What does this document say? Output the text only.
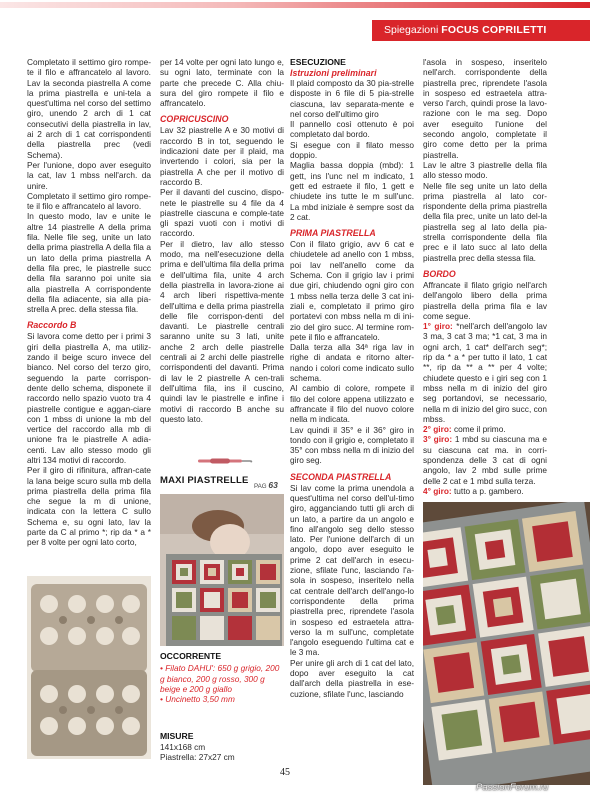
Spiegazioni FOCUS COPRILETTI

Completato il settimo giro rompe-te il filo e affrancatelo al lavoro. Lav la seconda piastrella A come la prima piastrella e uni-tela a quest'ultima nel corso del settimo giro, unendo 2 arch di 1 cat consecutivi della piastrella in lav, ai 2 arch di 1 cat corrispondenti della piastrella prec (vedi Schema).

Per l'unione, dopo aver eseguito la cat, lav 1 mbss nell'arch. da unire.

Completato il settimo giro rompe-te il filo e affrancatelo al lavoro.

In questo modo, lav e unite le altre 14 piastrelle A della prima fila. Nelle file seg, unite un lato della prima piastrella A della fila a un lato della prima piastrella A della fila prec, le piastrelle succ della fila saranno poi unite sia alla piastrella A corrispondente della fila adiacente, sia alla pia-strella A prec. della stessa fila.

Raccordo B

Si lavora come detto per i primi 3 giri della piastrella A, ma utiliz-zando il beige scuro invece del bianco. Nel corso del terzo giro, seguendo la parte corrispon-dente dello schema, disponete il raccordo nello spazio vuoto tra 4 piastrelle contigue e aggan-ciare con 1 mbss di unione la mb del vertice del raccordo alla mb di unione fra le piastrelle A adia-centi. Lav allo stesso modo gli altri 134 motivi di raccordo.

Per il giro di rifinitura, affran-cate la lana beige scuro sulla mb della prima piastrella della prima fila che segue la m di unione, indicata con la lettera C sullo Schema e, su ogni lato, lav la parte da C al primo *; rip da * a * per 8 volte per ogni lato corto,

per 14 volte per ogni lato lungo e, su ogni lato, terminate con la parte che precede C. Alla chiu-sura del giro rompete il filo e affrancatelo.

COPRICUSCINO

Lav 32 piastrelle A e 30 motivi di raccordo B in tot, seguendo le indicazioni date per il plaid, ma invertendo i colori, sia per la piastrella A che per il motivo di raccordo B.

Per il davanti del cuscino, dispo-nete le piastrelle su 4 file da 4 piastrelle ciascuna e comple-tate gli spazi vuoti con i motivi di raccordo.

Per il dietro, lav allo stesso modo, ma nell'esecuzione della prima e dell'ultima fila della prima e dell'ultima fila, unite 4 arch della piastrella in lavora-zione ai 4 arch liberi rispettiva-mente dell'ultima e della prima piastrella delle file corrispon-denti del davanti. Le piastrelle centrali saranno unite su 3 lati, unite anche 2 arch delle piastrelle centrali ai 2 archi delle piastrelle corrispondenti del davanti. Prima di lav le 2 piastrelle A cen-trali dell'ultima fila, ins il cuscino, quindi lav le piastrelle e infine i motivi di raccordo B anche su questo lato.

MAXI PIASTRELLE
PAG 63
OCCORRENTE
• Filato DAHU': 650 g grigio, 200 g bianco, 200 g rosso, 300 g beige e 200 g giallo
• Uncinetto 3,50 mm
MISURE
141x168 cm
Piastrella: 27x27 cm
ESECUZIONE
Istruzioni preliminari

Il plaid composto da 30 pia-strelle disposte in 6 file di 5 pia-strelle ciascuna, lav separata-mente e nel corso dell'ultimo giro

Il pannello così ottenuto è poi completato dal bordo.

Si esegue con il filato messo doppio.

Maglia bassa doppia (mbd): 1 gett, ins l'unc nel m indicato, 1 gett ed estraete il filo, 1 gett e chiudete ins tutte le m sull'unc. La mbd iniziale è sempre sost da 2 cat.

PRIMA PIASTRELLA

Con il filato grigio, avv 6 cat e chiudetele ad anello con 1 mbss, poi lav nell'anello come da Schema. Con il grigio lav i primi due giri, chiudendo ogni giro con 1 mbss nella terza delle 3 cat ini-ziali e, completato il primo giro portatevi con mbss nella m di ini-zio del giro succ. Al termine rom-pete il filo e affrancatelo.

Dalla terza alla 34ª riga lav in righe di andata e ritorno alter-nando i colori come indicato sullo schema.

Al cambio di colore, rompete il filo del colore appena utilizzato e affrancate il filo del nuovo colore nella m indicata.

Lav quindi il 35° e il 36° giro in tondo con il grigio e, completato il 35° con mbss nella m di inizio del giro seg.

SECONDA PIASTRELLA

Si lav come la prima unendola a quest'ultima nel corso dell'ul-timo giro, agganciando tutti gli arch di un lato, a partire da un angolo e fino all'angolo seg dello stesso lato. Per l'unione dell'arch di un angolo, dopo aver eseguito le prime 2 cat dell'arch in esecu-zione, sfilate l'unc, lasciando l'a-sola in sospeso, inseritelo nella cat centrale dell'arch dell'ango-lo corrispondente della prima piastrella prec, riprendete l'asola in sospeso ed estraetela attra-verso la m sull'unc, completate l'angolo eseguendo l'ultima cat e le 3 ma.

Per unire gli arch di 1 cat del lato, dopo aver eseguito la cat dall'arch della piastrella in ese-cuzione, sfilate l'unc, lasciando

l'asola in sospeso, inseritelo nell'arch. corrispondente della piastrella prec, riprendete l'asola in sospeso ed estraetela attra-verso l'arch, quindi prose la lavo-razione con le ma seg. Dopo aver eseguito l'unione del secondo angolo, completate il giro come detto per la prima piastrella.

Lav le altre 3 piastrelle della fila allo stesso modo.

Nelle file seg unite un lato della prima piastrella al lato cor-rispondente della prima piastrella della fila prec, unite un lato del-la piastrella seg al lato della pia-strella corrispondente della fila prec e il lato succ al lato della piastrella prec della stessa fila.

BORDO

Affrancate il filato grigio nell'arch dell'angolo libero della prima piastrella della prima fila e lav come segue.

1° giro: *nell'arch dell'angolo lav 3 ma, 3 cat 3 ma; *1 cat, 3 ma in ogni arch, 1 cat* dell'arch seg*; rip da * a * per tutto il lato, 1 cat **, rip da ** a ** per 4 volte; chiudete questo e i giri seg con 1 mbss nella m di inizio del giro seg portandovi, se necessario, nella m di inizio del giro succ, con mbss.

2° giro: come il primo.

3° giro: 1 mbd su ciascuna ma e su ciascuna cat ma. in corri-spondenza delle 3 cat di ogni angolo, lav 2 mbd sulle prime delle 2 cat e 1 mbd sulla terza.

4° giro: tutto a p. gambero.

45
PassionForum.ru
